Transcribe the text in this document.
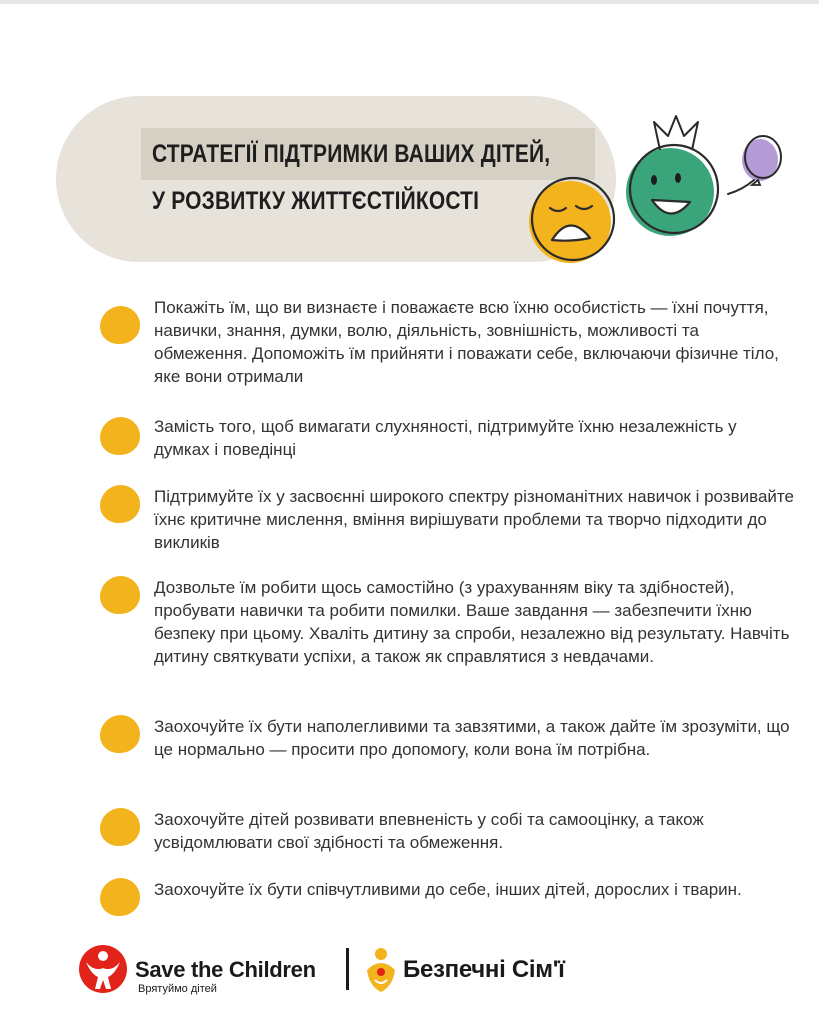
СТРАТЕГІЇ ПІДТРИМКИ ВАШИХ ДІТЕЙ,
У РОЗВИТКУ ЖИТТЄСТІЙКОСТІ
Покажіть їм, що ви визнаєте і поважаєте всю їхню особистість — їхні почуття, навички, знання, думки, волю, діяльність, зовнішність, можливості та обмеження. Допоможіть їм прийняти і поважати себе, включаючи фізичне тіло, яке вони отримали
Замість того, щоб вимагати слухняності, підтримуйте їхню незалежність у думках і поведінці
Підтримуйте їх у засвоєнні широкого спектру різноманітних навичок і розвивайте їхнє критичне мислення, вміння вирішувати проблеми та творчо підходити до викликів
Дозвольте їм робити щось самостійно (з урахуванням віку та здібностей), пробувати навички та робити помилки. Ваше завдання — забезпечити їхню безпеку при цьому. Хваліть дитину за спроби, незалежно від результату. Навчіть дитину святкувати успіхи, а також як справлятися з невдачами.
Заохочуйте їх бути наполегливими та завзятими, а також дайте їм зрозуміти, що це нормально — просити про допомогу, коли вона їм потрібна.
Заохочуйте дітей розвивати впевненість у собі та самооцінку, а також усвідомлювати свої здібності та обмеження.
Заохочуйте їх бути співчутливими до себе, інших дітей, дорослих і тварин.
Save the Children
Врятуймо дітей
Безпечні Сім'ї
